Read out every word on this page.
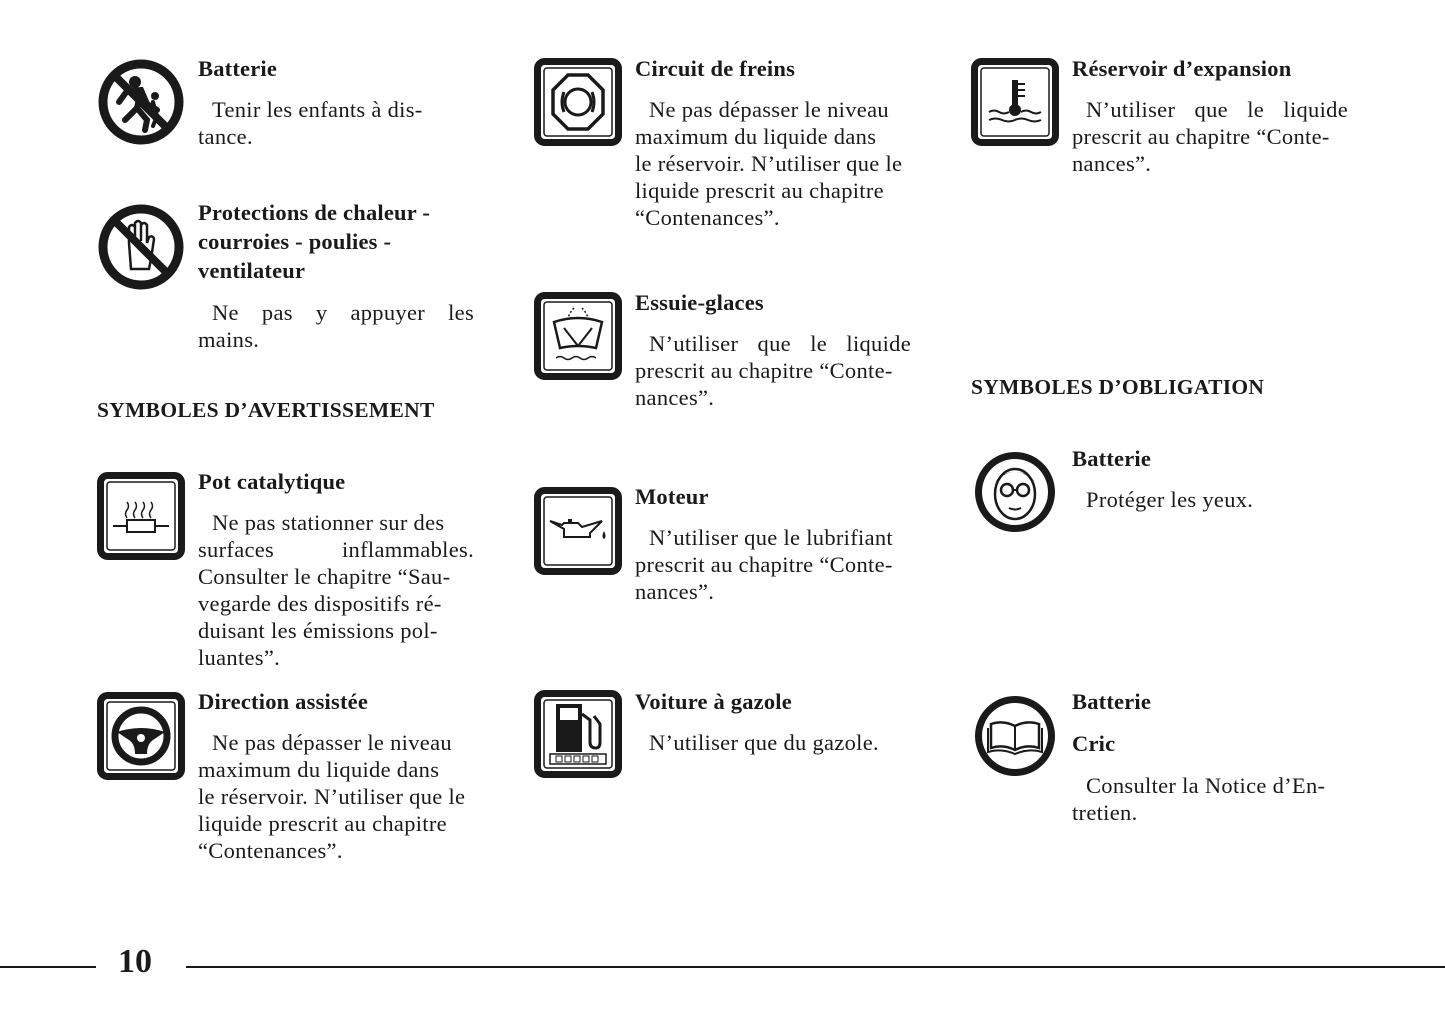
Batterie
Tenir les enfants à dis-
tance.
Protections de chaleur -
courroies - poulies -
ventilateur
Ne pas y appuyer les
mains.
SYMBOLES D’AVERTISSEMENT
Pot catalytique
Ne pas stationner sur des
surfaces inflammables.
Consulter le chapitre “Sau-
vegarde des dispositifs ré-
duisant les émissions pol-
luantes”.
Direction assistée
Ne pas dépasser le niveau
maximum du liquide dans
le réservoir. N’utiliser que le
liquide prescrit au chapitre
“Contenances”.
Circuit de freins
Ne pas dépasser le niveau
maximum du liquide dans
le réservoir. N’utiliser que le
liquide prescrit au chapitre
“Contenances”.
Essuie-glaces
N’utiliser que le liquide
prescrit au chapitre “Conte-
nances”.
Moteur
N’utiliser que le lubrifiant
prescrit au chapitre “Conte-
nances”.
Voiture à gazole
N’utiliser que du gazole.
Réservoir d’expansion
N’utiliser que le liquide
prescrit au chapitre “Conte-
nances”.
SYMBOLES D’OBLIGATION
Batterie
Protéger les yeux.
Batterie
Cric
Consulter la Notice d’En-
tretien.
10
